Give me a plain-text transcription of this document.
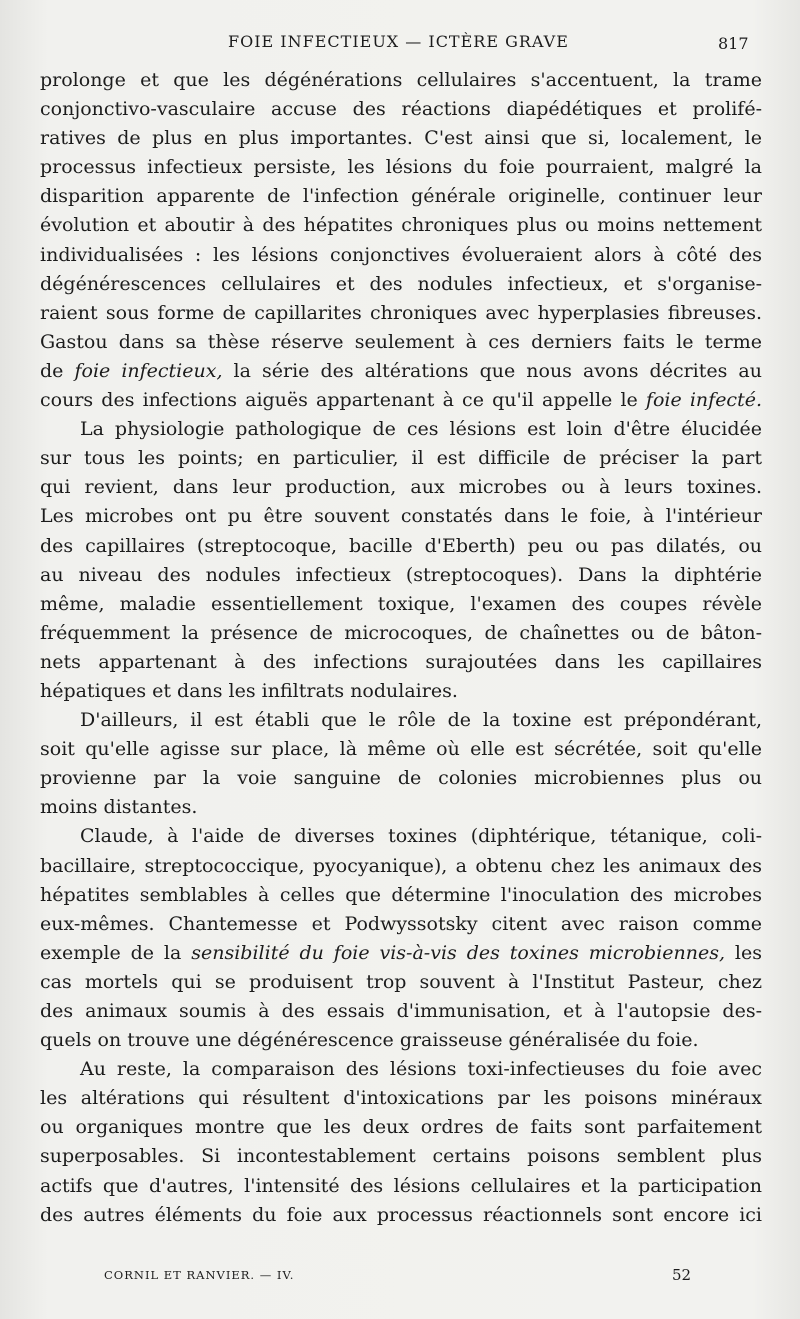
FOIE INFECTIEUX — ICTÈRE GRAVE	817
prolonge et que les dégénérations cellulaires s'accentuent, la trame
conjonctivo-vasculaire accuse des réactions diapédétiques et prolifé-
ratives de plus en plus importantes. C'est ainsi que si, localement, le
processus infectieux persiste, les lésions du foie pourraient, malgré la
disparition apparente de l'infection générale originelle, continuer leur
évolution et aboutir à des hépatites chroniques plus ou moins nettement
individualisées : les lésions conjonctives évolueraient alors à côté des
dégénérescences cellulaires et des nodules infectieux, et s'organise-
raient sous forme de capillarites chroniques avec hyperplasies fibreuses.
Gastou dans sa thèse réserve seulement à ces derniers faits le terme
de foie infectieux, la série des altérations que nous avons décrites au
cours des infections aiguës appartenant à ce qu'il appelle le foie infecté.
La physiologie pathologique de ces lésions est loin d'être élucidée
sur tous les points; en particulier, il est difficile de préciser la part
qui revient, dans leur production, aux microbes ou à leurs toxines.
Les microbes ont pu être souvent constatés dans le foie, à l'intérieur
des capillaires (streptocoque, bacille d'Eberth) peu ou pas dilatés, ou
au niveau des nodules infectieux (streptocoques). Dans la diphtérie
même, maladie essentiellement toxique, l'examen des coupes révèle
fréquemment la présence de microcoques, de chaînettes ou de bâton-
nets appartenant à des infections surajoutées dans les capillaires
hépatiques et dans les infiltrats nodulaires.
D'ailleurs, il est établi que le rôle de la toxine est prépondérant,
soit qu'elle agisse sur place, là même où elle est sécrétée, soit qu'elle
provienne par la voie sanguine de colonies microbiennes plus ou
moins distantes.
Claude, à l'aide de diverses toxines (diphtérique, tétanique, coli-
bacillaire, streptococcique, pyocyanique), a obtenu chez les animaux des
hépatites semblables à celles que détermine l'inoculation des microbes
eux-mêmes. Chantemesse et Podwyssotsky citent avec raison comme
exemple de la sensibilité du foie vis-à-vis des toxines microbiennes, les
cas mortels qui se produisent trop souvent à l'Institut Pasteur, chez
des animaux soumis à des essais d'immunisation, et à l'autopsie des-
quels on trouve une dégénérescence graisseuse généralisée du foie.
Au reste, la comparaison des lésions toxi-infectieuses du foie avec
les altérations qui résultent d'intoxications par les poisons minéraux
ou organiques montre que les deux ordres de faits sont parfaitement
superposables. Si incontestablement certains poisons semblent plus
actifs que d'autres, l'intensité des lésions cellulaires et la participation
des autres éléments du foie aux processus réactionnels sont encore ici
CORNIL ET RANVIER. — IV.	52
